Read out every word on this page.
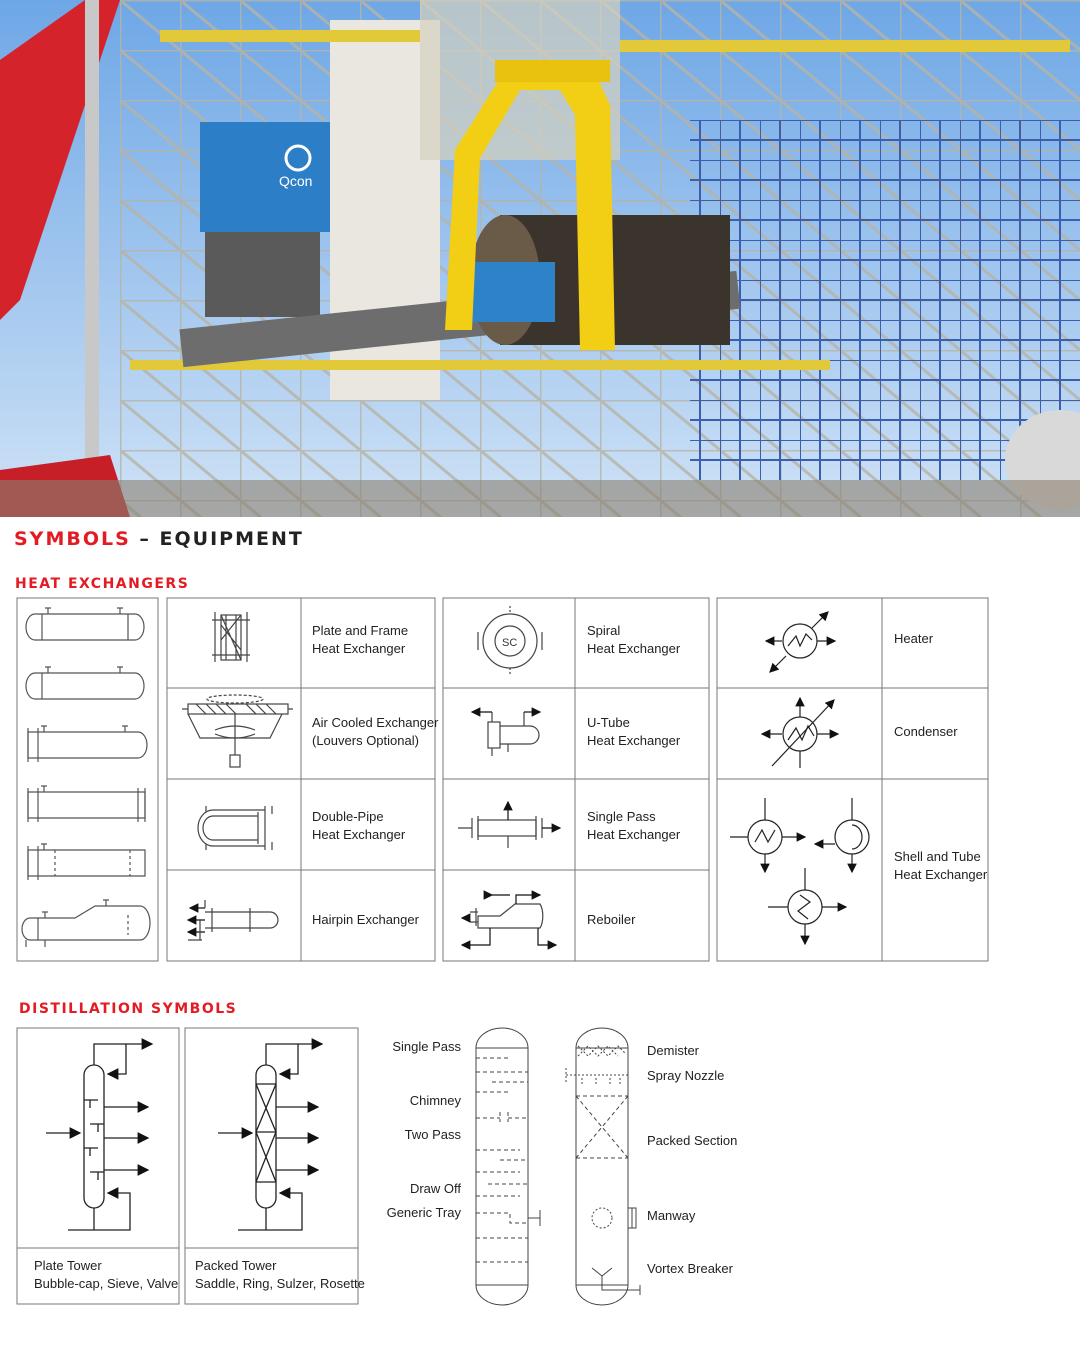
Qcon
SYMBOLS – EQUIPMENT
HEAT EXCHANGERS
SC
Plate and Frame
Heat Exchanger
Air Cooled Exchanger
(Louvers Optional)
Double-Pipe
Heat Exchanger
Hairpin Exchanger
Spiral
Heat Exchanger
U-Tube
Heat Exchanger
Single Pass
Heat Exchanger
Reboiler
Heater
Condenser
Shell and Tube
Heat Exchanger
DISTILLATION SYMBOLS
Plate Tower
Bubble-cap, Sieve, Valve
Packed Tower
Saddle, Ring, Sulzer, Rosette
Single Pass
Chimney
Two Pass
Draw Off
Generic Tray
Demister
Spray Nozzle
Packed Section
Manway
Vortex Breaker
